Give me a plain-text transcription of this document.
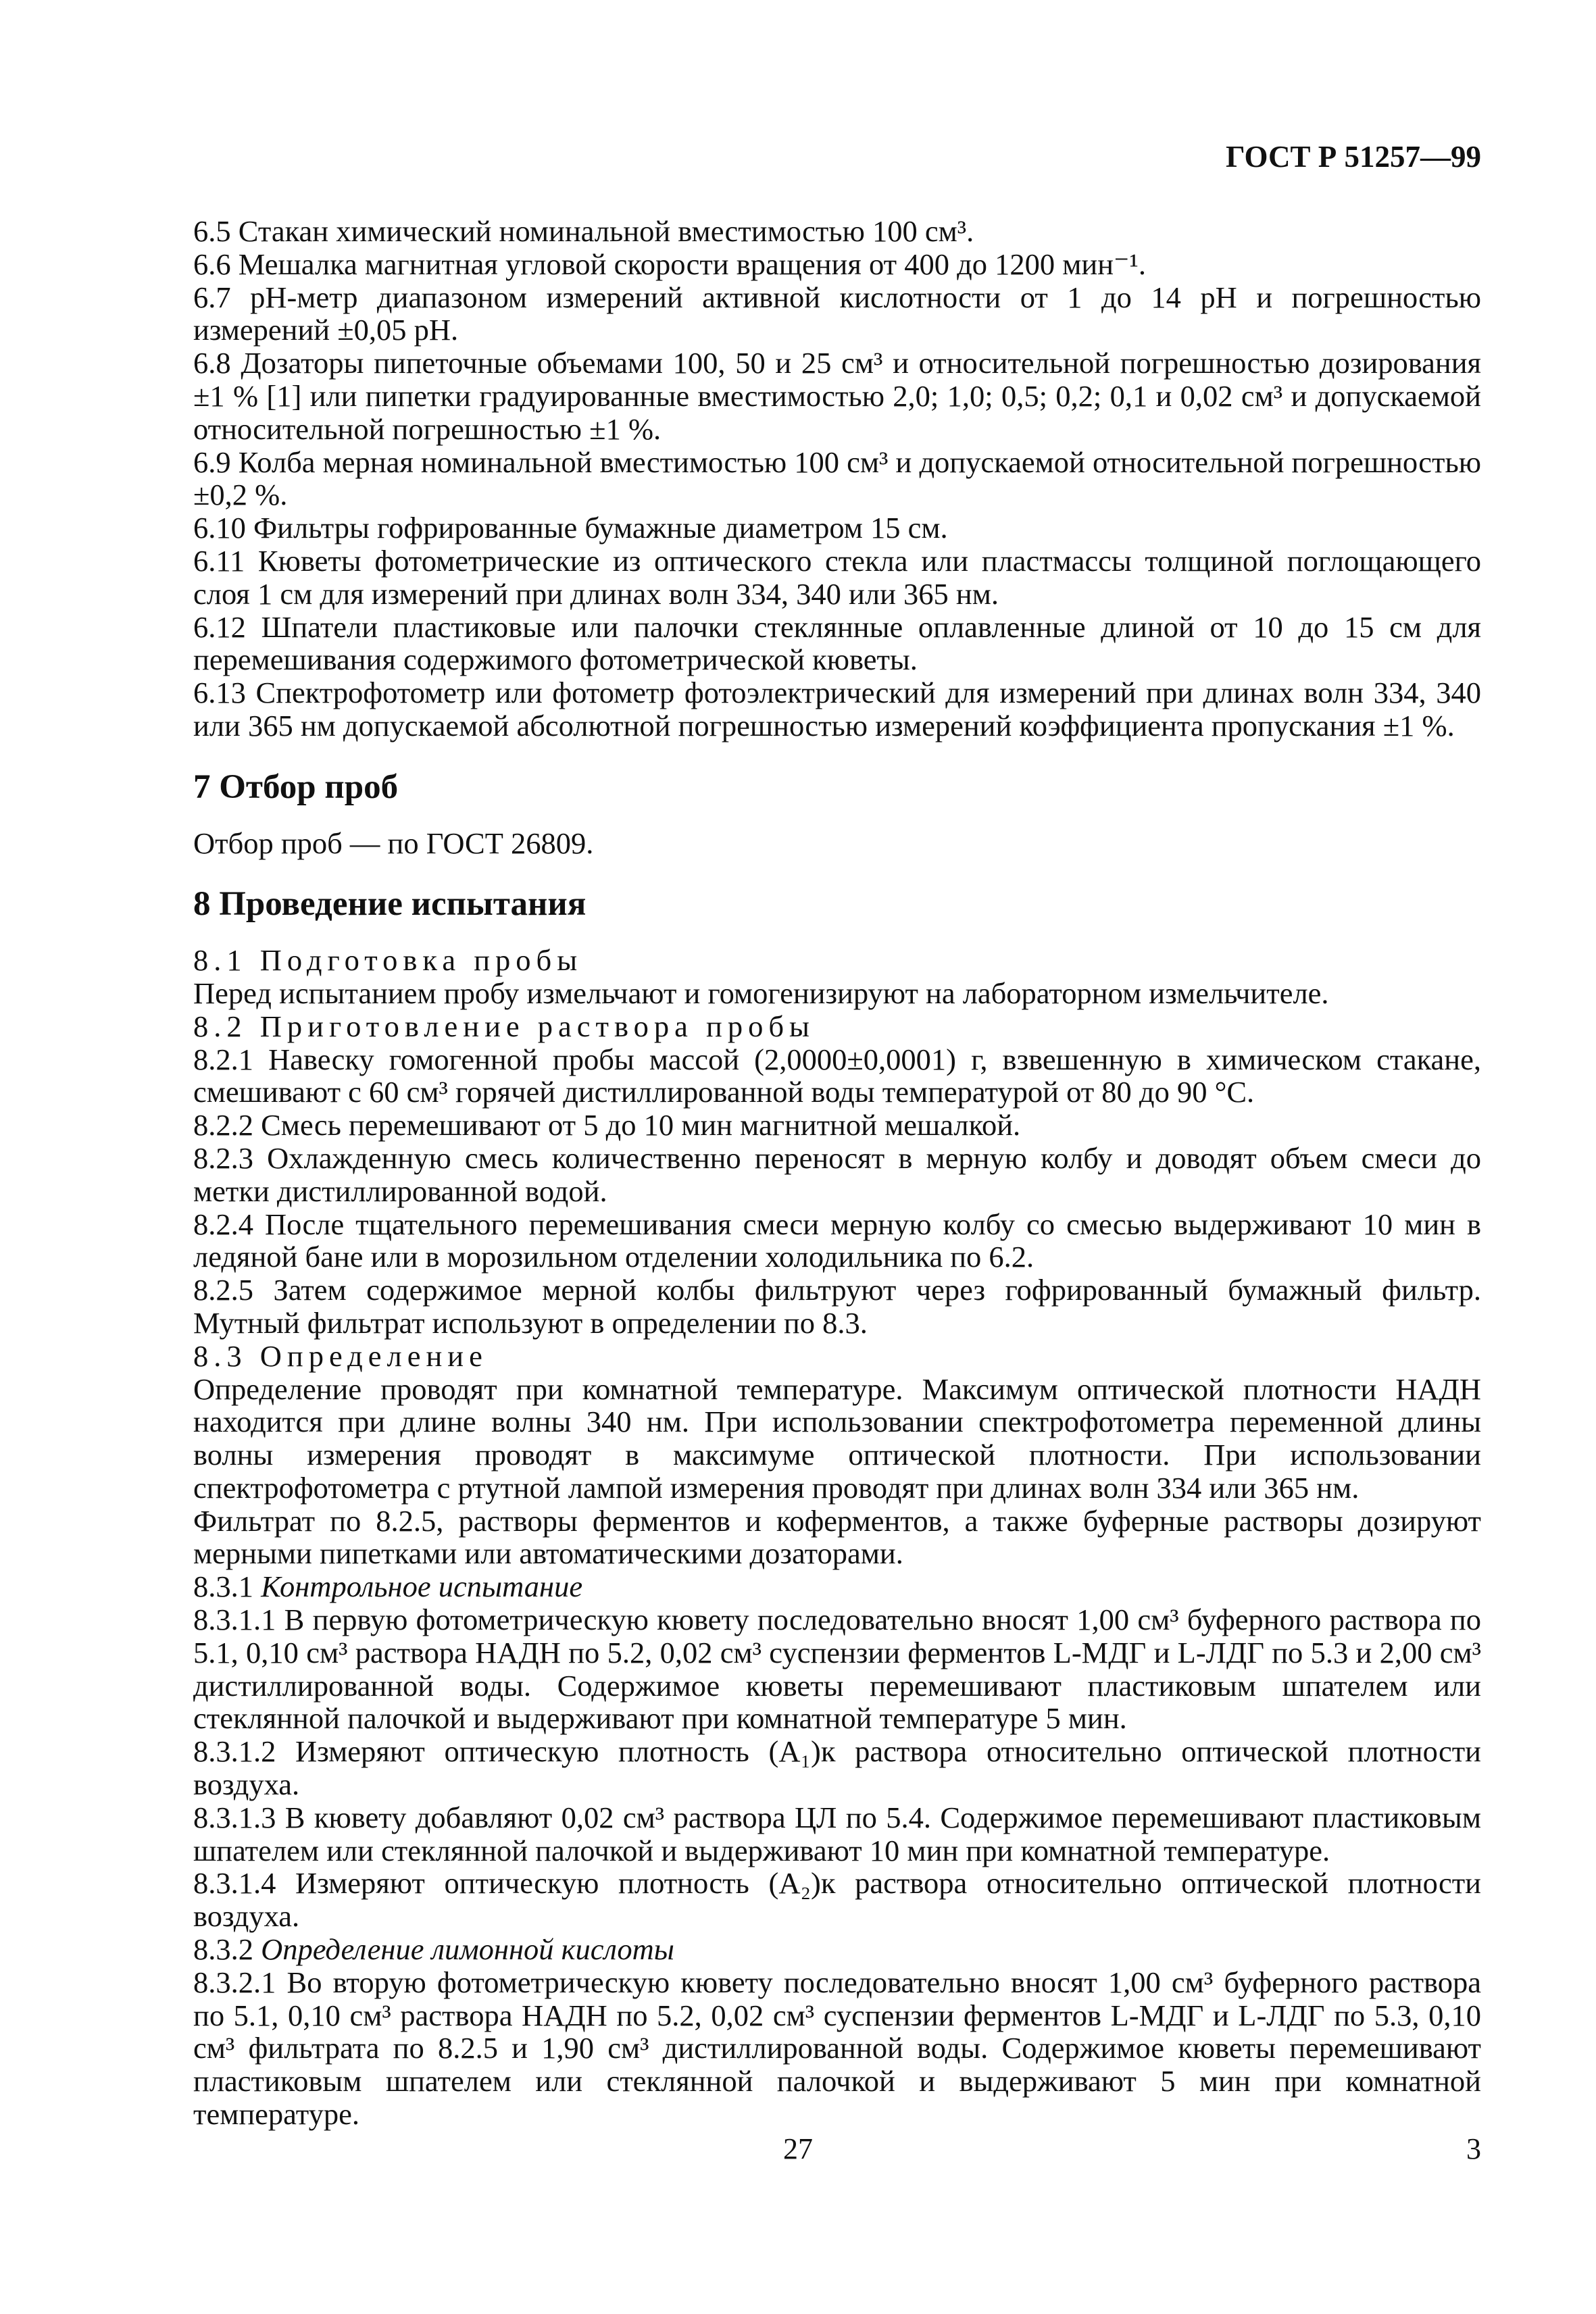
ГОСТ Р 51257—99

6.5 Стакан химический номинальной вместимостью 100 см³.

6.6 Мешалка магнитная угловой скорости вращения от 400 до 1200 мин⁻¹.

6.7 pH-метр диапазоном измерений активной кислотности от 1 до 14 pH и погрешностью измерений ±0,05 pH.

6.8 Дозаторы пипеточные объемами 100, 50 и 25 см³ и относительной погрешностью дозирования ±1 % [1] или пипетки градуированные вместимостью 2,0; 1,0; 0,5; 0,2; 0,1 и 0,02 см³ и допускаемой относительной погрешностью ±1 %.

6.9 Колба мерная номинальной вместимостью 100 см³ и допускаемой относительной погрешностью ±0,2 %.

6.10 Фильтры гофрированные бумажные диаметром 15 см.

6.11 Кюветы фотометрические из оптического стекла или пластмассы толщиной поглощающего слоя 1 см для измерений при длинах волн 334, 340 или 365 нм.

6.12 Шпатели пластиковые или палочки стеклянные оплавленные длиной от 10 до 15 см для перемешивания содержимого фотометрической кюветы.

6.13 Спектрофотометр или фотометр фотоэлектрический для измерений при длинах волн 334, 340 или 365 нм допускаемой абсолютной погрешностью измерений коэффициента пропускания ±1 %.

7 Отбор проб

Отбор проб — по ГОСТ 26809.

8 Проведение испытания

8.1 Подготовка пробы

Перед испытанием пробу измельчают и гомогенизируют на лабораторном измельчителе.

8.2 Приготовление раствора пробы

8.2.1 Навеску гомогенной пробы массой (2,0000±0,0001) г, взвешенную в химическом стакане, смешивают с 60 см³ горячей дистиллированной воды температурой от 80 до 90 °С.

8.2.2 Смесь перемешивают от 5 до 10 мин магнитной мешалкой.

8.2.3 Охлажденную смесь количественно переносят в мерную колбу и доводят объем смеси до метки дистиллированной водой.

8.2.4 После тщательного перемешивания смеси мерную колбу со смесью выдерживают 10 мин в ледяной бане или в морозильном отделении холодильника по 6.2.

8.2.5 Затем содержимое мерной колбы фильтруют через гофрированный бумажный фильтр. Мутный фильтрат используют в определении по 8.3.

8.3 Определение

Определение проводят при комнатной температуре. Максимум оптической плотности НАДН находится при длине волны 340 нм. При использовании спектрофотометра переменной длины волны измерения проводят в максимуме оптической плотности. При использовании спектрофотометра с ртутной лампой измерения проводят при длинах волн 334 или 365 нм.

Фильтрат по 8.2.5, растворы ферментов и коферментов, а также буферные растворы дозируют мерными пипетками или автоматическими дозаторами.

8.3.1 Контрольное испытание

8.3.1.1 В первую фотометрическую кювету последовательно вносят 1,00 см³ буферного раствора по 5.1, 0,10 см³ раствора НАДН по 5.2, 0,02 см³ суспензии ферментов L-МДГ и L-ЛДГ по 5.3 и 2,00 см³ дистиллированной воды. Содержимое кюветы перемешивают пластиковым шпателем или стеклянной палочкой и выдерживают при комнатной температуре 5 мин.

8.3.1.2 Измеряют оптическую плотность (A₁)к раствора относительно оптической плотности воздуха.

8.3.1.3 В кювету добавляют 0,02 см³ раствора ЦЛ по 5.4. Содержимое перемешивают пластиковым шпателем или стеклянной палочкой и выдерживают 10 мин при комнатной температуре.

8.3.1.4 Измеряют оптическую плотность (A₂)к раствора относительно оптической плотности воздуха.

8.3.2 Определение лимонной кислоты

8.3.2.1 Во вторую фотометрическую кювету последовательно вносят 1,00 см³ буферного раствора по 5.1, 0,10 см³ раствора НАДН по 5.2, 0,02 см³ суспензии ферментов L-МДГ и L-ЛДГ по 5.3, 0,10 см³ фильтрата по 8.2.5 и 1,90 см³ дистиллированной воды. Содержимое кюветы перемешивают пластиковым шпателем или стеклянной палочкой и выдерживают 5 мин при комнатной температуре.

27	3
